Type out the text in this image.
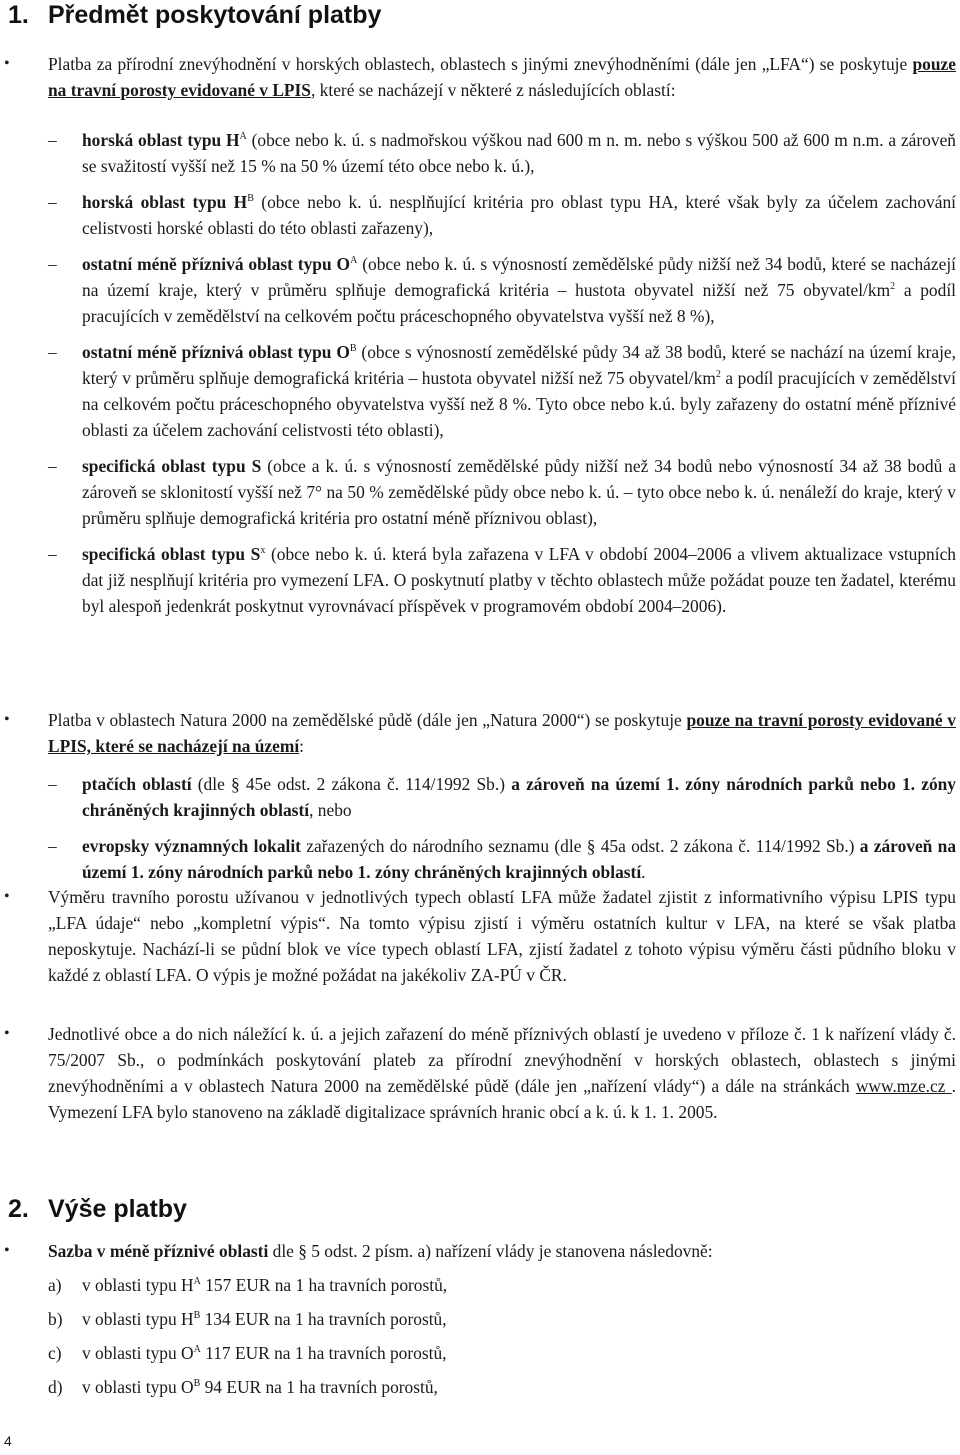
1. Předmět poskytování platby
• Platba za přírodní znevýhodnění v horských oblastech, oblastech s jinými znevýhodněními (dále jen „LFA“) se poskytuje pouze na travní porosty evidované v LPIS, které se nacházejí v některé z následujících oblastí:
– horská oblast typu $H^A$ (obce nebo k. ú. s nadmořskou výškou nad 600 m n. m. nebo s výškou 500 až 600 m n.m. a zároveň se svažitostí vyšší než 15 % na 50 % území této obce nebo k. ú.),
– horská oblast typu $H^B$ (obce nebo k. ú. nesplňující kritéria pro oblast typu HA, které však byly za účelem zachování celistvosti horské oblasti do této oblasti zařazeny),
– ostatní méně příznivá oblast typu $O^A$ (obce nebo k. ú. s výnosností zemědělské půdy nižší než 34 bodů, které se nacházejí na území kraje, který v průměru splňuje demografická kritéria – hustota obyvatel nižší než 75 obyvatel/$km^2$ a podíl pracujících v zemědělství na celkovém počtu práceschopného obyvatelstva vyšší než 8 %),
– ostatní méně příznivá oblast typu $O^B$ (obce s výnosností zemědělské půdy 34 až 38 bodů, které se nachází na území kraje, který v průměru splňuje demografická kritéria – hustota obyvatel nižší než 75 obyvatel/$km^2$ a podíl pracujících v zemědělství na celkovém počtu práceschopného obyvatelstva vyšší než 8 %. Tyto obce nebo k.ú. byly zařazeny do ostatní méně příznivé oblasti za účelem zachování celistvosti této oblasti),
– specifická oblast typu S (obce a k. ú. s výnosností zemědělské půdy nižší než 34 bodů nebo výnosností 34 až 38 bodů a zároveň se sklonitostí vyšší než 7° na 50 % zemědělské půdy obce nebo k. ú. – tyto obce nebo k. ú. nenáleží do kraje, který v průměru splňuje demografická kritéria pro ostatní méně příznivou oblast),
– specifická oblast typu $S^x$ (obce nebo k. ú. která byla zařazena v LFA v období 2004–2006 a vlivem aktualizace vstupních dat již nesplňují kritéria pro vymezení LFA. O poskytnutí platby v těchto oblastech může požádat pouze ten žadatel, kterému byl alespoň jedenkrát poskytnut vyrovnávací příspěvek v programovém období 2004–2006).
• Platba v oblastech Natura 2000 na zemědělské půdě (dále jen „Natura 2000“) se poskytuje pouze na travní porosty evidované v LPIS, které se nacházejí na území:
– ptačích oblastí (dle § 45e odst. 2 zákona č. 114/1992 Sb.) a zároveň na území 1. zóny národních parků nebo 1. zóny chráněných krajinných oblastí, nebo
– evropsky významných lokalit zařazených do národního seznamu (dle § 45a odst. 2 zákona č. 114/1992 Sb.) a zároveň na území 1. zóny národních parků nebo 1. zóny chráněných krajinných oblastí.
• Výměru travního porostu užívanou v jednotlivých typech oblastí LFA může žadatel zjistit z informativního výpisu LPIS typu „LFA údaje“ nebo „kompletní výpis“. Na tomto výpisu zjistí i výměru ostatních kultur v LFA, na které se však platba neposkytuje. Nachází-li se půdní blok ve více typech oblastí LFA, zjistí žadatel z tohoto výpisu výměru části půdního bloku v každé z oblastí LFA. O výpis je možné požádat na jakékoliv ZA-PÚ v ČR.
• Jednotlivé obce a do nich náležící k. ú. a jejich zařazení do méně příznivých oblastí je uvedeno v příloze č. 1 k nařízení vlády č. 75/2007 Sb., o podmínkách poskytování plateb za přírodní znevýhodnění v horských oblastech, oblastech s jinými znevýhodněními a v oblastech Natura 2000 na zemědělské půdě (dále jen „nařízení vlády“) a dále na stránkách www.mze.cz . Vymezení LFA bylo stanoveno na základě digitalizace správních hranic obcí a k. ú. k 1. 1. 2005.
2. Výše platby
• Sazba v méně příznivé oblasti dle § 5 odst. 2 písm. a) nařízení vlády je stanovena následovně:
a) v oblasti typu $H^A$ 157 EUR na 1 ha travních porostů,
b) v oblasti typu $H^B$ 134 EUR na 1 ha travních porostů,
c) v oblasti typu $O^A$ 117 EUR na 1 ha travních porostů,
d) v oblasti typu $O^B$ 94 EUR na 1 ha travních porostů,
4
